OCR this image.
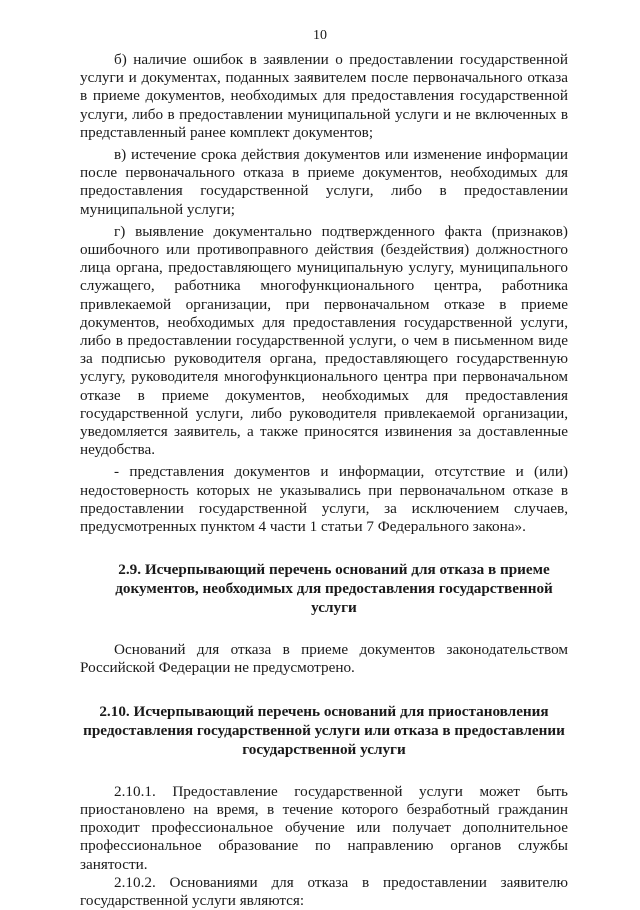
10

б) наличие ошибок в заявлении о предоставлении государственной услуги и документах, поданных заявителем после первоначального отказа в приеме документов, необходимых для предоставления государственной услуги, либо в предоставлении муниципальной услуги и не включенных в представленный ранее комплект документов;

в) истечение срока действия документов или изменение информации после первоначального отказа в приеме документов, необходимых для предоставления государственной услуги, либо в предоставлении муниципальной услуги;

г) выявление документально подтвержденного факта (признаков) ошибочного или противоправного действия (бездействия) должностного лица органа, предоставляющего муниципальную услугу, муниципального служащего, работника многофункционального центра, работника привлекаемой организации, при первоначальном отказе в приеме документов, необходимых для предоставления государственной услуги, либо в предоставлении государственной услуги, о чем в письменном виде за подписью руководителя органа, предоставляющего государственную услугу, руководителя многофункционального центра при первоначальном отказе в приеме документов, необходимых для предоставления государственной услуги, либо руководителя привлекаемой организации, уведомляется заявитель, а также приносятся извинения за доставленные неудобства.

- представления документов и информации, отсутствие и (или) недостоверность которых не указывались при первоначальном отказе в предоставлении государственной услуги, за исключением случаев, предусмотренных пунктом 4 части 1 статьи 7 Федерального закона».

2.9. Исчерпывающий перечень оснований для отказа в приеме документов, необходимых для предоставления государственной услуги

Оснований для отказа в приеме документов законодательством Российской Федерации не предусмотрено.

2.10. Исчерпывающий перечень оснований для приостановления предоставления государственной услуги или отказа в предоставлении государственной услуги

2.10.1. Предоставление государственной услуги может быть приостановлено на время, в течение которого безработный гражданин проходит профессиональное обучение или получает дополнительное профессиональное образование по направлению органов службы занятости.

2.10.2. Основаниями для отказа в предоставлении заявителю государственной услуги являются:
